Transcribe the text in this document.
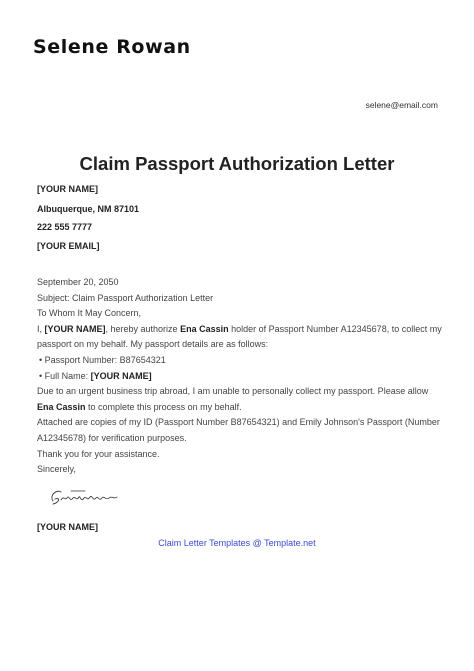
Selene Rowan
selene@email.com
Claim Passport Authorization Letter
[YOUR NAME]
Albuquerque, NM 87101
222 555 7777
[YOUR EMAIL]

September 20, 2050

Subject: Claim Passport Authorization Letter

To Whom It May Concern,

I, [YOUR NAME], hereby authorize Ena Cassin holder of Passport Number A12345678, to collect my passport on my behalf. My passport details are as follows:

• Passport Number: B87654321

• Full Name: [YOUR NAME]

Due to an urgent business trip abroad, I am unable to personally collect my passport. Please allow Ena Cassin to complete this process on my behalf.

Attached are copies of my ID (Passport Number B87654321) and Emily Johnson's Passport (Number A12345678) for verification purposes.

Thank you for your assistance.

Sincerely,

[YOUR NAME]
Claim Letter Templates @ Template.net
